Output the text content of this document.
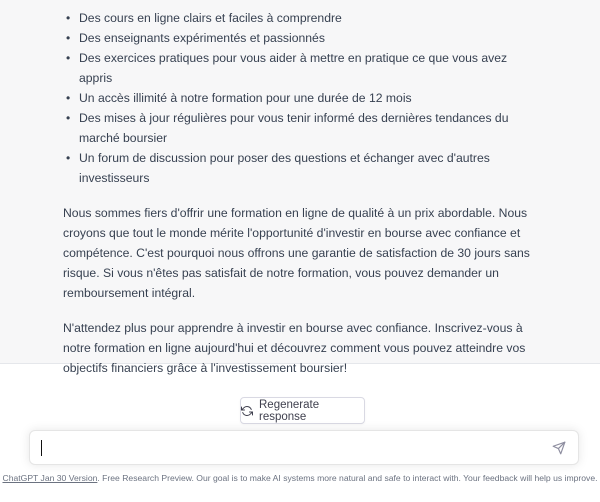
• Des cours en ligne clairs et faciles à comprendre
• Des enseignants expérimentés et passionnés
• Des exercices pratiques pour vous aider à mettre en pratique ce que vous avez appris
• Un accès illimité à notre formation pour une durée de 12 mois
• Des mises à jour régulières pour vous tenir informé des dernières tendances du marché boursier
• Un forum de discussion pour poser des questions et échanger avec d'autres investisseurs

Nous sommes fiers d'offrir une formation en ligne de qualité à un prix abordable. Nous croyons que tout le monde mérite l'opportunité d'investir en bourse avec confiance et compétence. C'est pourquoi nous offrons une garantie de satisfaction de 30 jours sans risque. Si vous n'êtes pas satisfait de notre formation, vous pouvez demander un remboursement intégral.

N'attendez plus pour apprendre à investir en bourse avec confiance. Inscrivez-vous à notre formation en ligne aujourd'hui et découvrez comment vous pouvez atteindre vos objectifs financiers grâce à l'investissement boursier!

Regenerate response
ChatGPT Jan 30 Version. Free Research Preview. Our goal is to make AI systems more natural and safe to interact with. Your feedback will help us improve.
